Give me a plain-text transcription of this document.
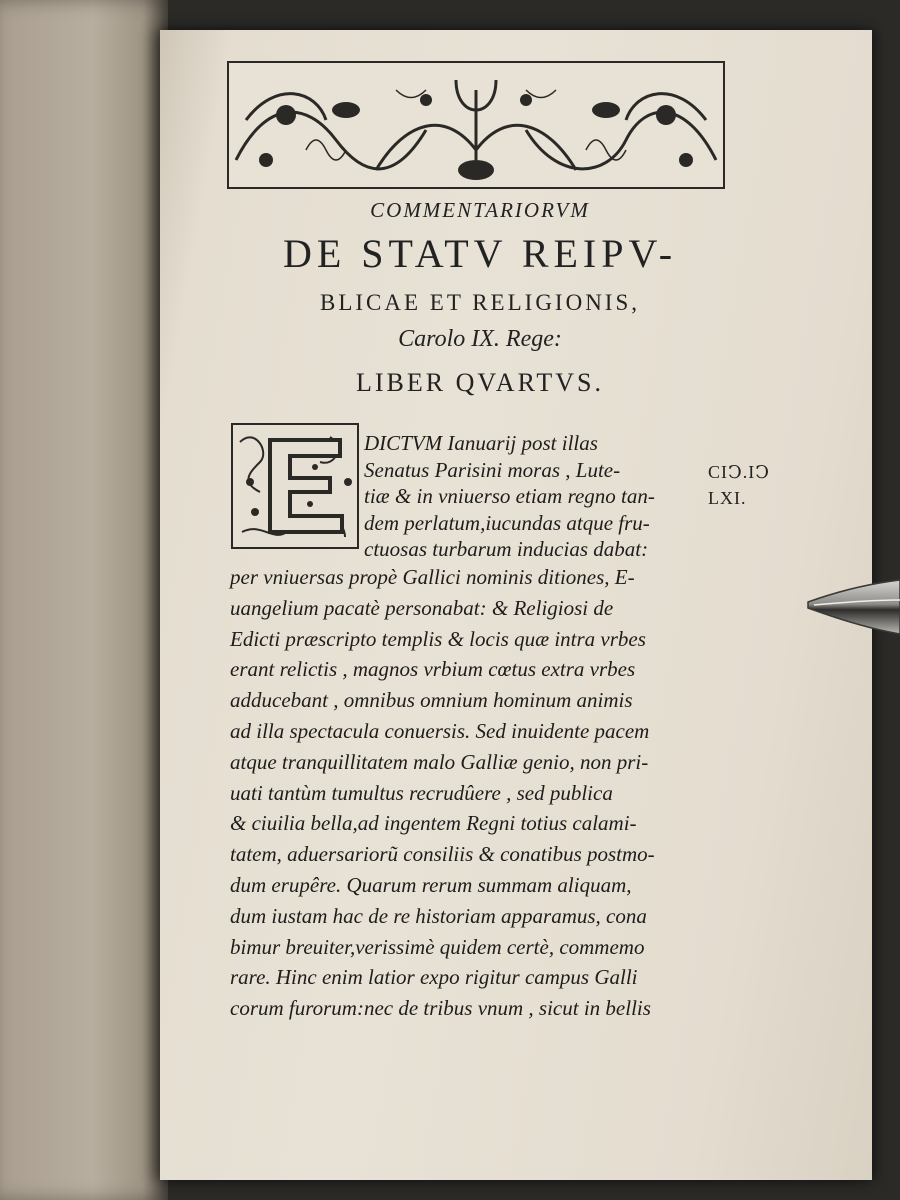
COMMENTARIORVM
DE STATV REIPV-
BLICAE ET RELIGIONIS,
Carolo IX. Rege:
LIBER QVARTVS.
CIↃ.IↃ
LXI.
DICTVM Ianuarij post illas
Senatus Parisini moras , Lute-
tiæ & in vniuerso etiam regno tan-
dem perlatum,iucundas atque fru-
ctuosas turbarum inducias dabat:
per vniuersas propè Gallici nominis ditiones, E-
uangelium pacatè personabat: & Religiosi de
Edicti præscripto templis & locis quæ intra vrbes
erant relictis , magnos vrbium cœtus extra vrbes
adducebant , omnibus omnium hominum animis
ad illa spectacula conuersis. Sed inuidente pacem
atque tranquillitatem malo Galliæ genio, non pri-
uati tantùm tumultus recrudûere , sed publica
& ciuilia bella,ad ingentem Regni totius calami-
tatem, aduersariorũ consiliis & conatibus postmo-
dum erupêre. Quarum rerum summam aliquam,
dum iustam hac de re historiam apparamus, cona
bimur breuiter,verissimè quidem certè, commemo
rare. Hinc enim latior expo rigitur campus Galli
corum furorum:nec de tribus vnum , sicut in bellis
